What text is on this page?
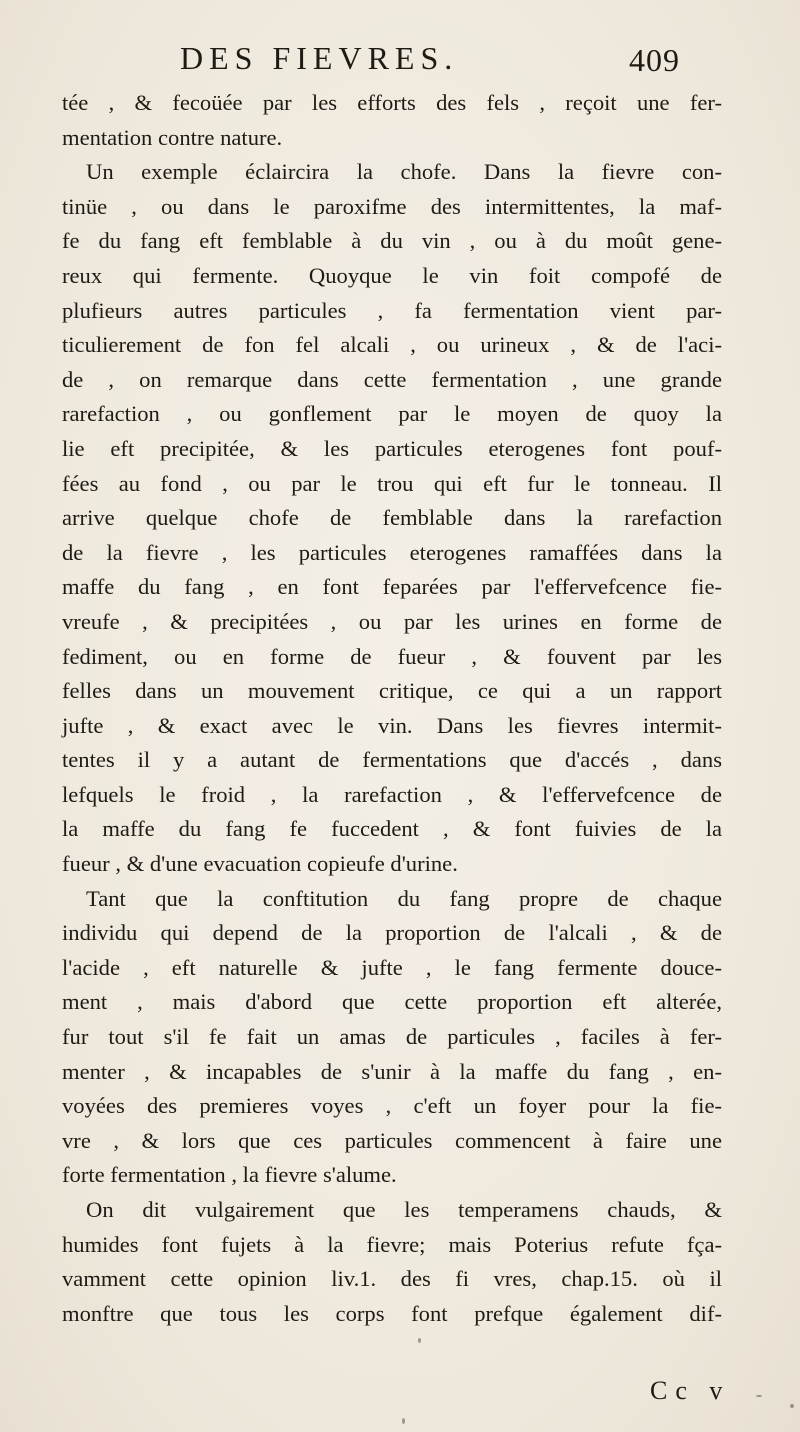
DES FIEVRES.	409
tée , & fecoüée par les efforts des fels , reçoit une fer-
mentation contre nature.
Un exemple éclaircira la chofe. Dans la fievre con-
tinüe , ou dans le paroxifme des intermittentes, la maf-
fe du fang eft femblable à du vin , ou à du moût gene-
reux qui fermente. Quoyque le vin foit compofé de
plufieurs autres particules , fa fermentation vient par-
ticulierement de fon fel alcali , ou urineux , & de l'aci-
de , on remarque dans cette fermentation , une grande
rarefaction , ou gonflement par le moyen de quoy la
lie eft precipitée, & les particules eterogenes font pouf-
fées au fond , ou par le trou qui eft fur le tonneau. Il
arrive quelque chofe de femblable dans la rarefaction
de la fievre , les particules eterogenes ramaffées dans la
maffe du fang , en font feparées par l'effervefcence fie-
vreufe , & precipitées , ou par les urines en forme de
fediment, ou en forme de fueur , & fouvent par les
felles dans un mouvement critique, ce qui a un rapport
jufte , & exact avec le vin. Dans les fievres intermit-
tentes il y a autant de fermentations que d'accés , dans
lefquels le froid , la rarefaction , & l'effervefcence de
la maffe du fang fe fuccedent , & font fuivies de la
fueur , & d'une evacuation copieufe d'urine.
Tant que la conftitution du fang propre de chaque
individu qui depend de la proportion de l'alcali , & de
l'acide , eft naturelle & jufte , le fang fermente douce-
ment , mais d'abord que cette proportion eft alterée,
fur tout s'il fe fait un amas de particules , faciles à fer-
menter , & incapables de s'unir à la maffe du fang , en-
voyées des premieres voyes , c'eft un foyer pour la fie-
vre , & lors que ces particules commencent à faire une
forte fermentation , la fievre s'alume.
On dit vulgairement que les temperamens chauds, &
humides font fujets à la fievre; mais Poterius refute fça-
vamment cette opinion liv.1. des fi vres, chap.15. où il
monftre que tous les corps font prefque également dif-
Cc v
